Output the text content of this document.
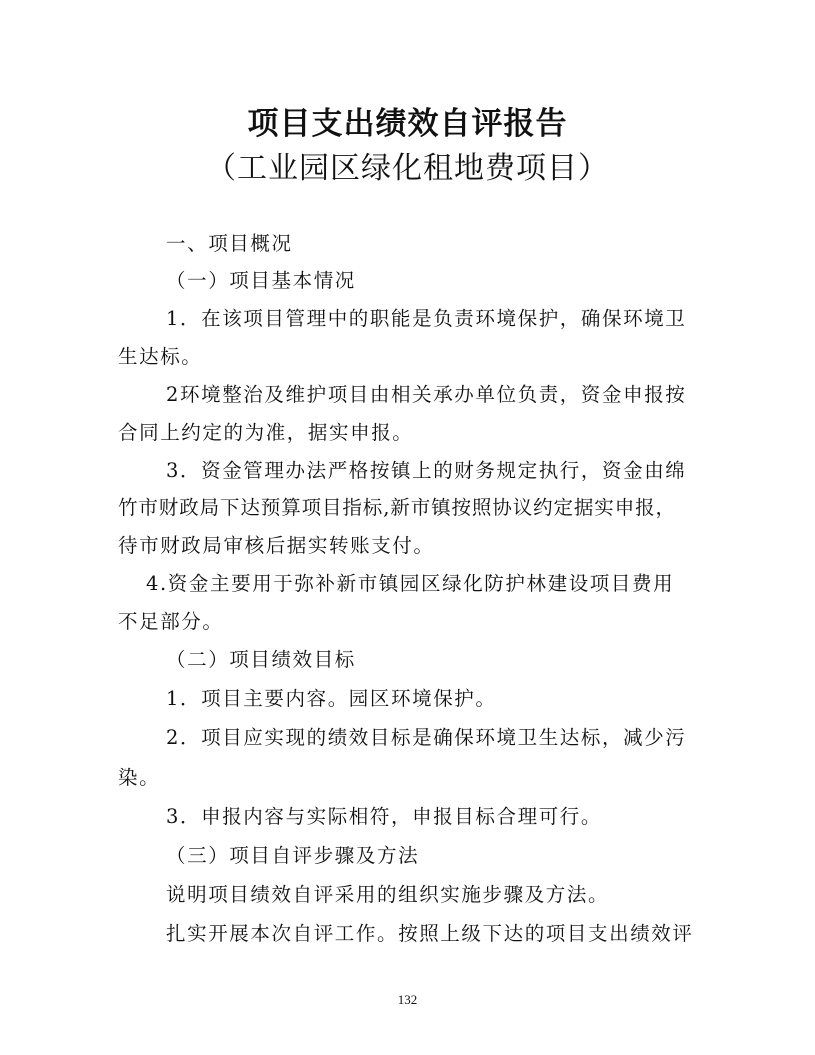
项目支出绩效自评报告
（工业园区绿化租地费项目）
一、项目概况
（一）项目基本情况
1．在该项目管理中的职能是负责环境保护，确保环境卫
生达标。
2环境整治及维护项目由相关承办单位负责，资金申报按
合同上约定的为准，据实申报。
3．资金管理办法严格按镇上的财务规定执行，资金由绵
竹市财政局下达预算项目指标,新市镇按照协议约定据实申报，
待市财政局审核后据实转账支付。
4.资金主要用于弥补新市镇园区绿化防护林建设项目费用
不足部分。
（二）项目绩效目标
1．项目主要内容。园区环境保护。
2．项目应实现的绩效目标是确保环境卫生达标，减少污
染。
3．申报内容与实际相符，申报目标合理可行。
（三）项目自评步骤及方法
说明项目绩效自评采用的组织实施步骤及方法。
扎实开展本次自评工作。按照上级下达的项目支出绩效评
132
